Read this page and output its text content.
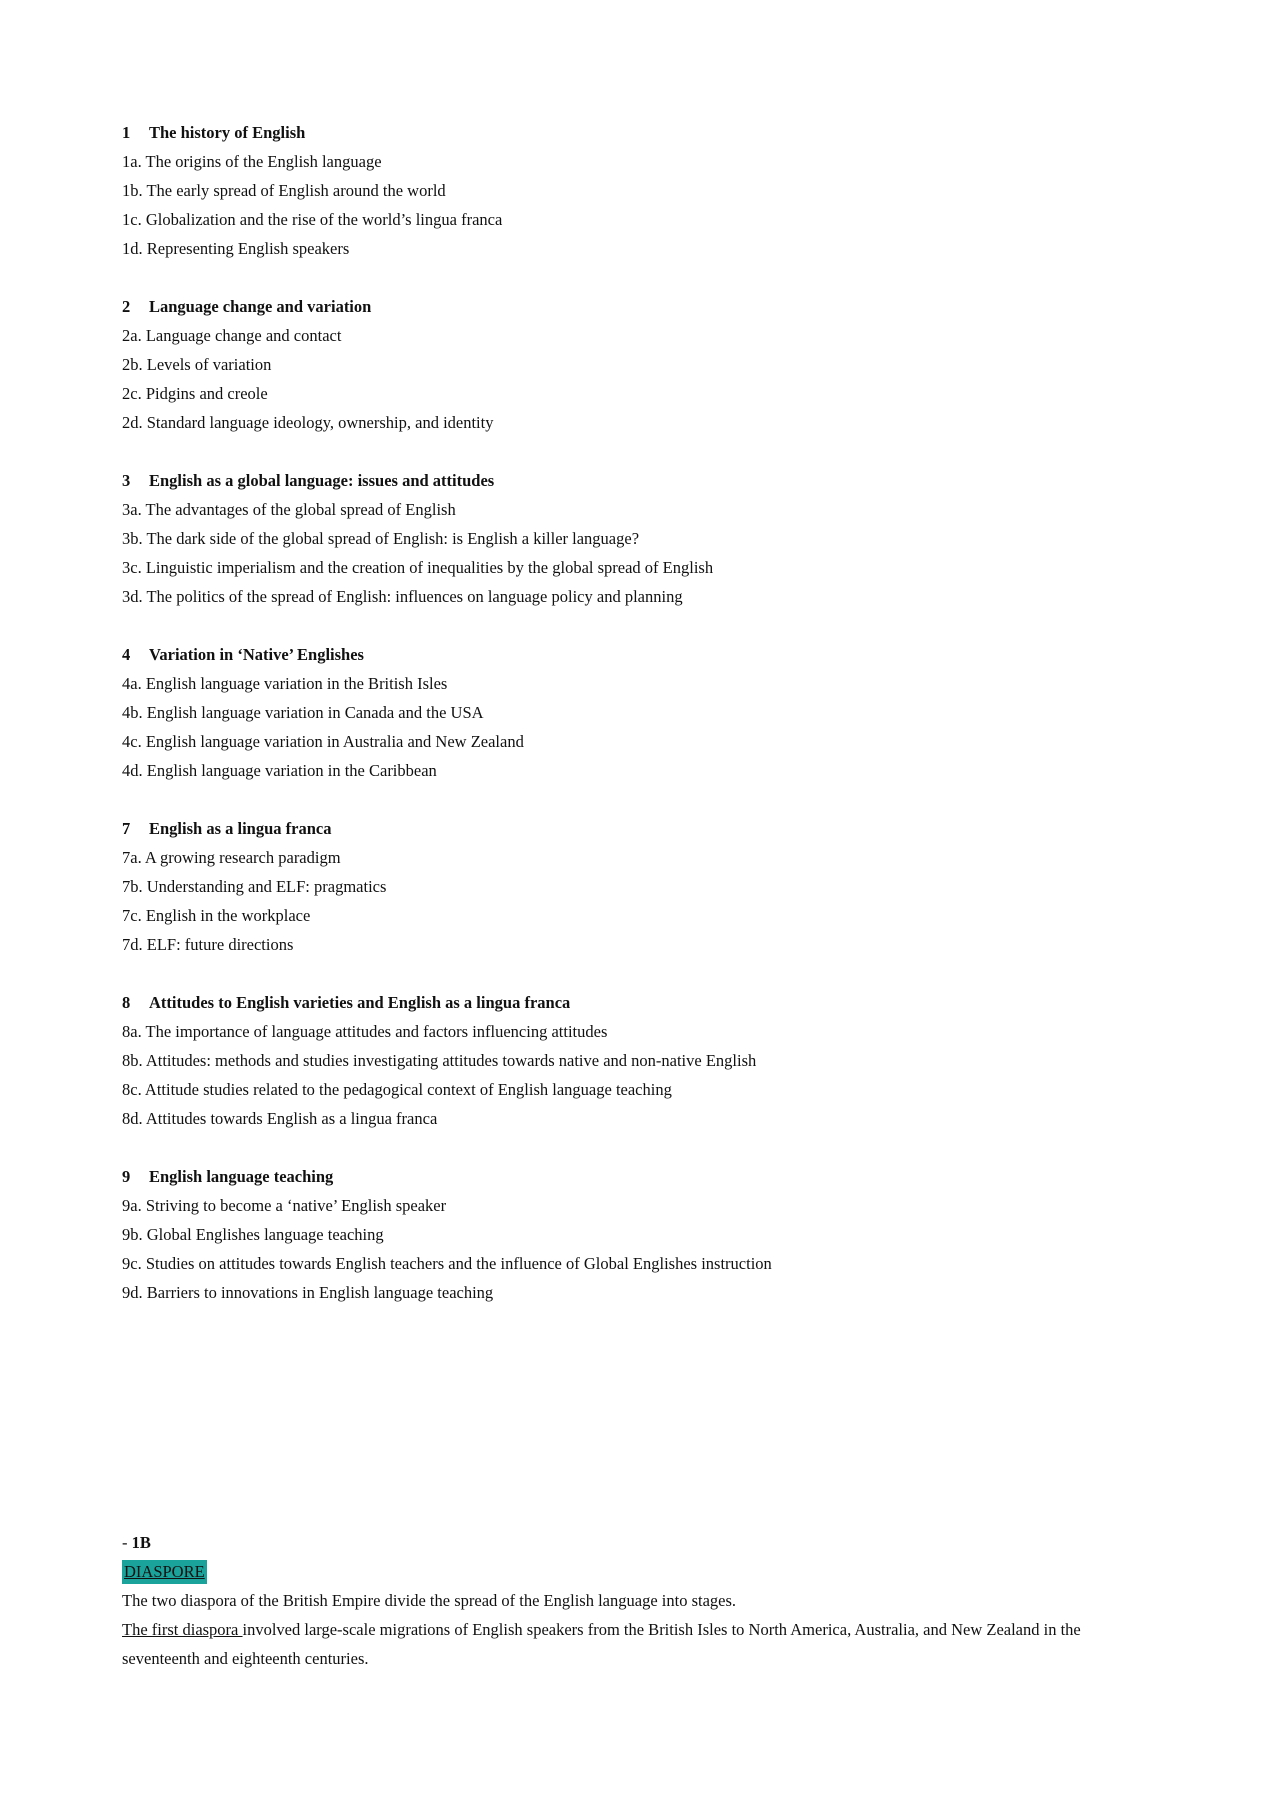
1 The history of English
1a. The origins of the English language
1b. The early spread of English around the world
1c. Globalization and the rise of the world’s lingua franca
1d. Representing English speakers
2 Language change and variation
2a. Language change and contact
2b. Levels of variation
2c. Pidgins and creole
2d. Standard language ideology, ownership, and identity
3 English as a global language: issues and attitudes
3a. The advantages of the global spread of English
3b. The dark side of the global spread of English: is English a killer language?
3c. Linguistic imperialism and the creation of inequalities by the global spread of English
3d. The politics of the spread of English: influences on language policy and planning
4 Variation in ‘Native’ Englishes
4a. English language variation in the British Isles
4b. English language variation in Canada and the USA
4c. English language variation in Australia and New Zealand
4d. English language variation in the Caribbean
7 English as a lingua franca
7a. A growing research paradigm
7b. Understanding and ELF: pragmatics
7c. English in the workplace
7d. ELF: future directions
8 Attitudes to English varieties and English as a lingua franca
8a. The importance of language attitudes and factors influencing attitudes
8b. Attitudes: methods and studies investigating attitudes towards native and non-native English
8c. Attitude studies related to the pedagogical context of English language teaching
8d. Attitudes towards English as a lingua franca
9 English language teaching
9a. Striving to become a ‘native’ English speaker
9b. Global Englishes language teaching
9c. Studies on attitudes towards English teachers and the influence of Global Englishes instruction
9d. Barriers to innovations in English language teaching
- 1B
DIASPORE
The two diaspora of the British Empire divide the spread of the English language into stages.
The first diaspora involved large-scale migrations of English speakers from the British Isles to North America, Australia, and New Zealand in the seventeenth and eighteenth centuries.
